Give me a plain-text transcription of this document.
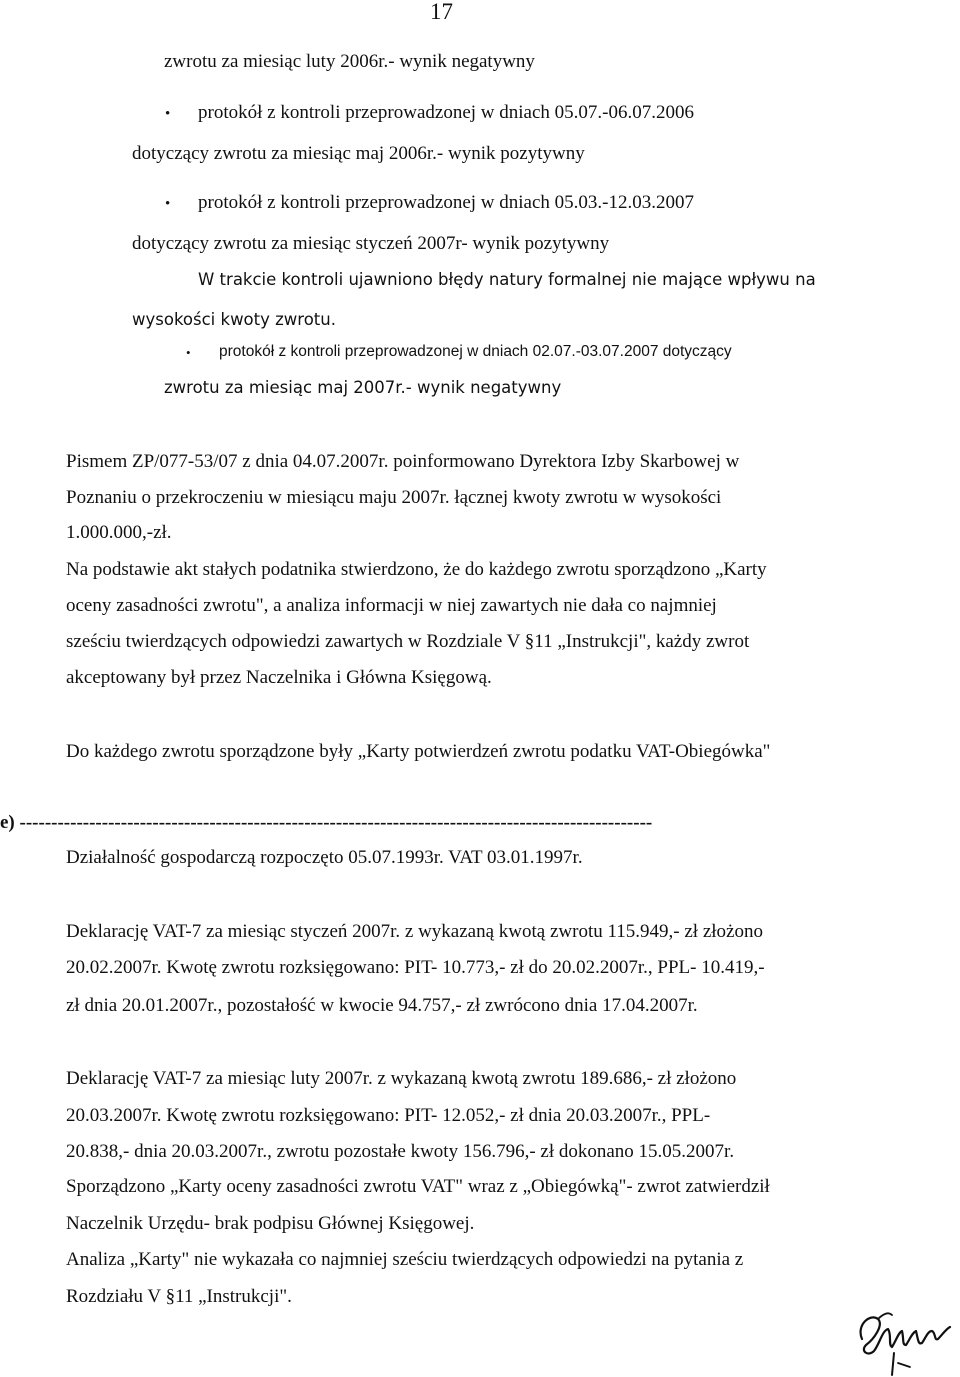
17
zwrotu za miesiąc luty 2006r.- wynik negatywny
• protokół z kontroli przeprowadzonej w dniach 05.07.-06.07.2006
dotyczący zwrotu za miesiąc maj 2006r.- wynik pozytywny
• protokół z kontroli przeprowadzonej w dniach 05.03.-12.03.2007
dotyczący zwrotu za miesiąc styczeń 2007r- wynik pozytywny
W trakcie kontroli ujawniono błędy natury formalnej nie mające wpływu na
wysokości kwoty zwrotu.
• protokół z kontroli przeprowadzonej w dniach 02.07.-03.07.2007 dotyczący
zwrotu za miesiąc maj 2007r.- wynik negatywny
Pismem ZP/077-53/07 z dnia 04.07.2007r. poinformowano Dyrektora Izby Skarbowej w
Poznaniu o przekroczeniu w miesiącu maju 2007r. łącznej kwoty zwrotu w wysokości
1.000.000,-zł.
Na podstawie akt stałych podatnika stwierdzono, że do każdego zwrotu sporządzono „Karty
oceny zasadności zwrotu", a analiza informacji w niej zawartych nie dała co najmniej
sześciu twierdzących odpowiedzi zawartych w Rozdziale V §11 „Instrukcji", każdy zwrot
akceptowany był przez Naczelnika i Główna Księgową.
Do każdego zwrotu sporządzone były „Karty potwierdzeń zwrotu podatku VAT-Obiegówka"
e) ----------------------------------------------------------------------------------------------------
Działalność gospodarczą rozpoczęto 05.07.1993r. VAT 03.01.1997r.
Deklarację VAT-7 za miesiąc styczeń 2007r. z wykazaną kwotą zwrotu 115.949,- zł złożono
20.02.2007r. Kwotę zwrotu rozksięgowano: PIT- 10.773,- zł do 20.02.2007r., PPL- 10.419,-
zł dnia 20.01.2007r., pozostałość w kwocie 94.757,- zł zwrócono dnia 17.04.2007r.
Deklarację VAT-7 za miesiąc luty 2007r. z wykazaną kwotą zwrotu 189.686,- zł złożono
20.03.2007r. Kwotę zwrotu rozksięgowano: PIT- 12.052,- zł dnia 20.03.2007r., PPL-
20.838,- dnia 20.03.2007r., zwrotu pozostałe kwoty 156.796,- zł dokonano 15.05.2007r.
Sporządzono „Karty oceny zasadności zwrotu VAT" wraz z „Obiegówką"- zwrot zatwierdził
Naczelnik Urzędu- brak podpisu Głównej Księgowej.
Analiza „Karty" nie wykazała co najmniej sześciu twierdzących odpowiedzi na pytania z
Rozdziału V §11 „Instrukcji".
